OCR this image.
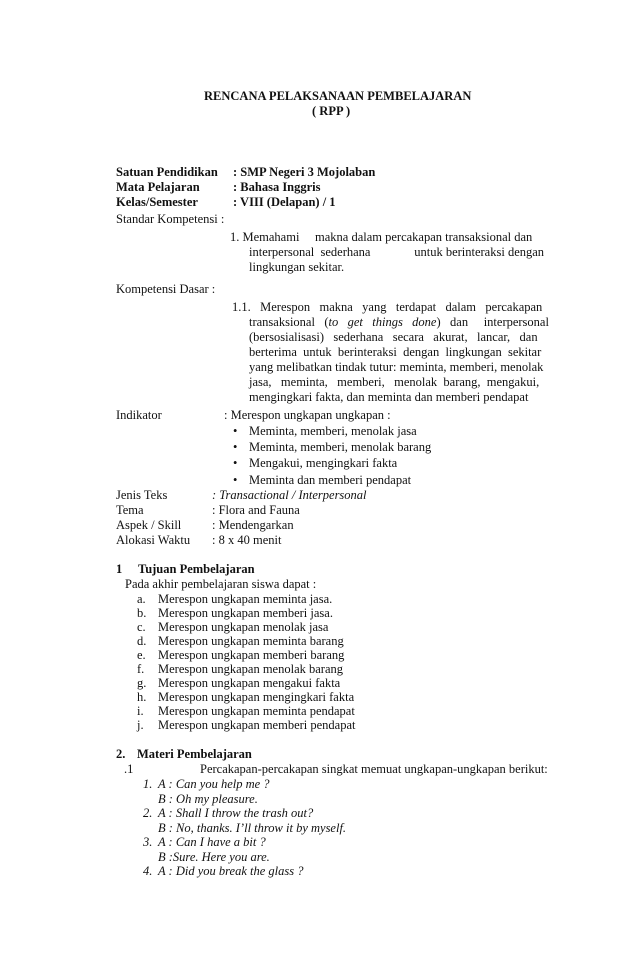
RENCANA PELAKSANAAN PEMBELAJARAN
( RPP )
Satuan Pendidikan : SMP Negeri 3 Mojolaban
Mata Pelajaran	: Bahasa Inggris
Kelas/Semester	: VIII (Delapan) / 1
Standar Kompetensi :
1. Memahami makna dalam percakapan transaksional dan
interpersonal  sederhana              untuk berinteraksi dengan
lingkungan sekitar.
Kompetensi Dasar :
1.1.   Merespon   makna   yang   terdapat   dalam   percakapan
transaksional   (to   get   things   done)   dan     interpersonal
(bersosialisasi)   sederhana   secara   akurat,   lancar,   dan
berterima  untuk  berinteraksi  dengan  lingkungan  sekitar
yang melibatkan tindak tutur: meminta, memberi, menolak
jasa,   meminta,   memberi,   menolak  barang,  mengakui,
mengingkari fakta, dan meminta dan memberi pendapat
Indikator	: Merespon ungkapan ungkapan :
• Meminta, memberi, menolak jasa
• Meminta, memberi, menolak barang
• Mengakui, mengingkari fakta
• Meminta dan memberi pendapat
Jenis Teks	: Transactional / Interpersonal
Tema	: Flora and Fauna
Aspek / Skill : Mendengarkan
Alokasi Waktu : 8 x 40 menit
1 Tujuan Pembelajaran
Pada akhir pembelajaran siswa dapat :
a. Merespon ungkapan meminta jasa.
b. Merespon ungkapan memberi jasa.
c. Merespon ungkapan menolak jasa
d. Merespon ungkapan meminta barang
e. Merespon ungkapan memberi barang
f. Merespon ungkapan menolak barang
g. Merespon ungkapan mengakui fakta
h. Merespon ungkapan mengingkari fakta
i. Merespon ungkapan meminta pendapat
j. Merespon ungkapan memberi pendapat
2. Materi Pembelajaran
.1	Percakapan-percakapan singkat memuat ungkapan-ungkapan berikut:
1. A : Can you help me ?
B : Oh my pleasure.
2. A : Shall I throw the trash out?
B : No, thanks. I’ll throw it by myself.
3. A : Can I have a bit ?
B :Sure. Here you are.
4. A : Did you break the glass ?
